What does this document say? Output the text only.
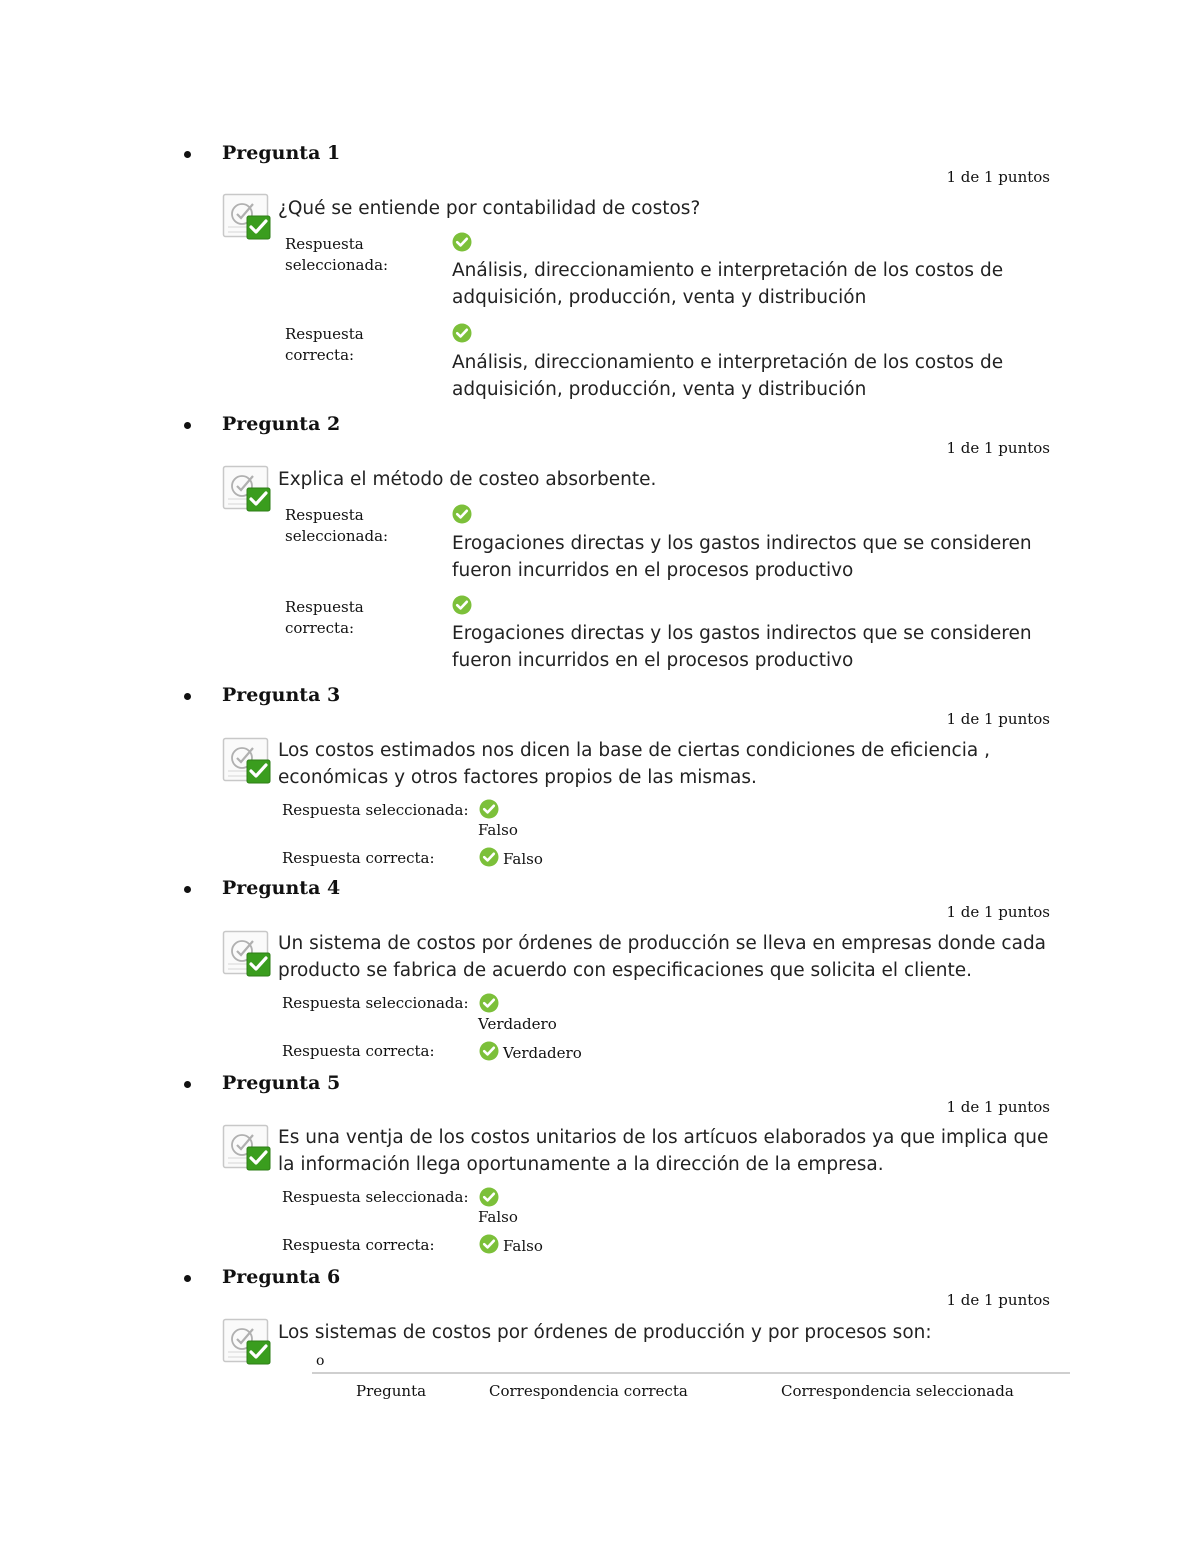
Pregunta 1
1 de 1 puntos
¿Qué se entiende por contabilidad de costos?
Respuesta
seleccionada:	Análisis, direccionamiento e interpretación de los costos de adquisición, producción, venta y distribución
Respuesta
correcta:	Análisis, direccionamiento e interpretación de los costos de adquisición, producción, venta y distribución
Pregunta 2
1 de 1 puntos
Explica el método de costeo absorbente.
Respuesta
seleccionada:	Erogaciones directas y los gastos indirectos que se consideren fueron incurridos en el procesos productivo
Respuesta
correcta:	Erogaciones directas y los gastos indirectos que se consideren fueron incurridos en el procesos productivo
Pregunta 3
1 de 1 puntos
Los costos estimados nos dicen la base de ciertas condiciones de eficiencia , económicas y otros factores propios de las mismas.
Respuesta seleccionada:
Falso
Respuesta correcta:	Falso
Pregunta 4
1 de 1 puntos
Un sistema de costos por órdenes de producción se lleva en empresas donde cada producto se fabrica de acuerdo con especificaciones que solicita el cliente.
Respuesta seleccionada:
Verdadero
Respuesta correcta:	Verdadero
Pregunta 5
1 de 1 puntos
Es una ventja de los costos unitarios de los artícuos elaborados ya que implica que la información llega oportunamente a la dirección de la empresa.
Respuesta seleccionada:
Falso
Respuesta correcta:	Falso
Pregunta 6
1 de 1 puntos
Los sistemas de costos por órdenes de producción y por procesos son:
o
Pregunta	Correspondencia correcta	Correspondencia seleccionada
